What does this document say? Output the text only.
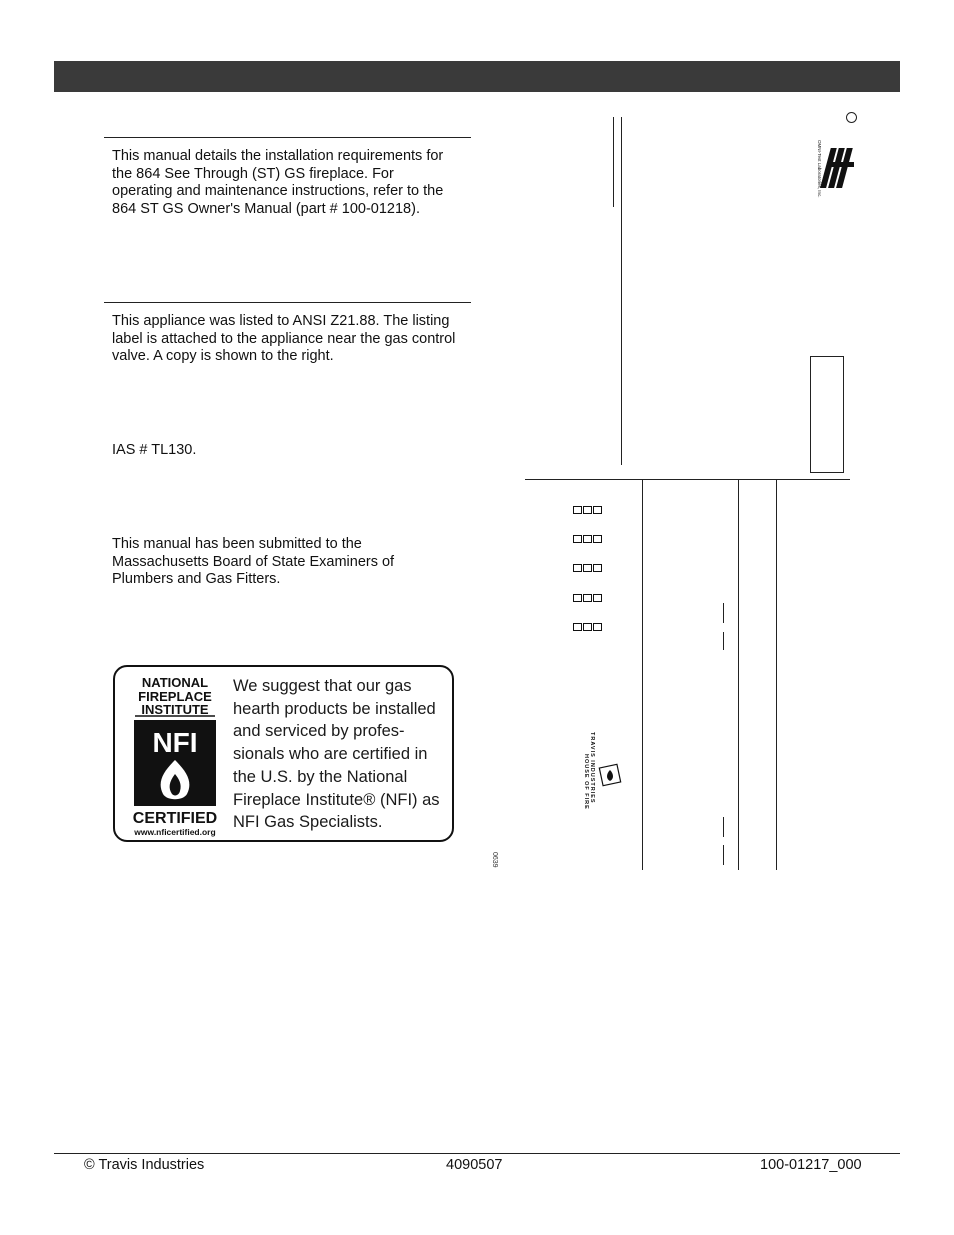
This manual details the installation requirements for the 864 See Through (ST) GS fireplace. For operating and maintenance instructions, refer to the 864 ST GS Owner's Manual (part # 100-01218).

This appliance was listed to ANSI Z21.88. The listing label is attached to the appliance near the gas control valve. A copy is shown to the right.

IAS # TL130.

This manual has been submitted to the Massachusetts Board of State Examiners of Plumbers and Gas Fitters.

NATIONAL
FIREPLACE
INSTITUTE
NFI
CERTIFIED
www.nficertified.org
We suggest that our gas
hearth products be installed
and serviced by profes-
sionals who are certified in
the U.S. by the National
Fireplace Institute® (NFI) as
NFI Gas Specialists.
OMNI-Test Laboratories, Inc.
TRAVIS INDUSTRIES
HOUSE OF FIRE
0639
© Travis Industries	4090507	100-01217_000
